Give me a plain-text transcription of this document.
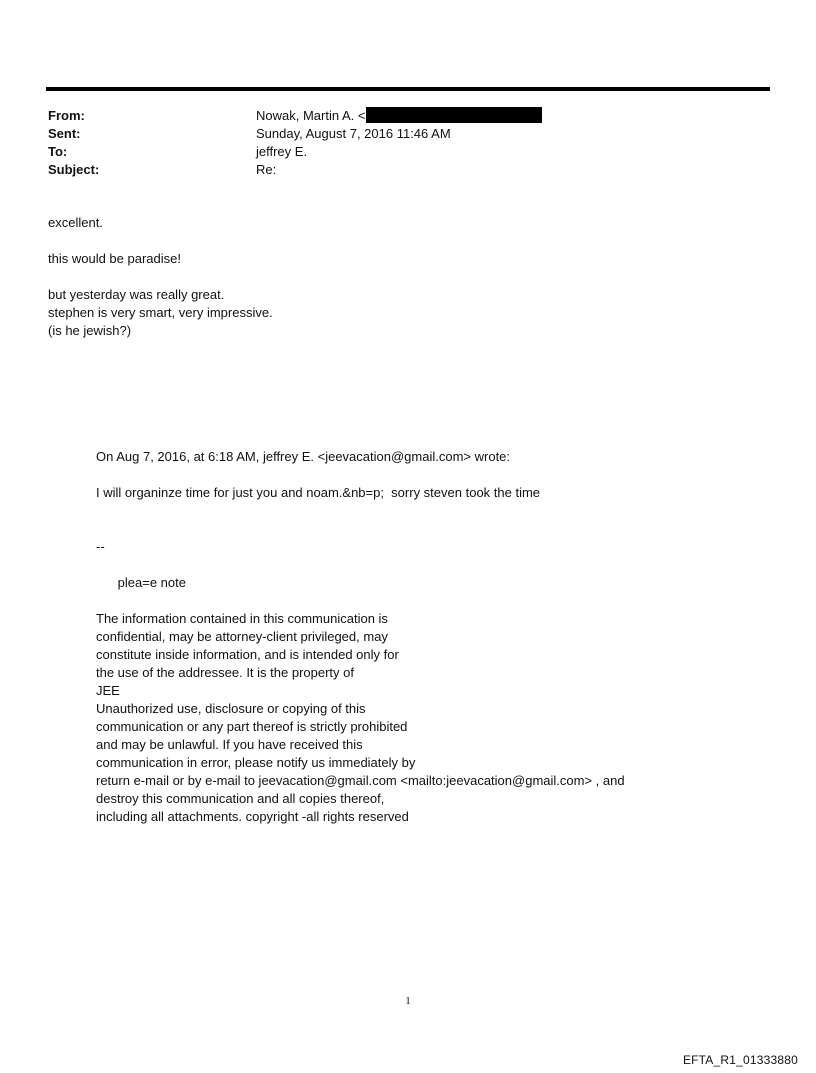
From:	Nowak, Martin A. <
Sent:	Sunday, August 7, 2016 11:46 AM
To:	jeffrey E.
Subject:	Re:

excellent.

this would be paradise!

but yesterday was really great.

stephen is very smart, very impressive.

(is he jewish?)

On Aug 7, 2016, at 6:18 AM, jeffrey E. <jeevacation@gmail.com> wrote:

I will organinze time for just you and noam.&nb=p;  sorry steven took the time

--

plea=e note

The information contained in this communication is

confidential, may be attorney-client privileged, may

constitute inside information, and is intended only for

the use of the addressee. It is the property of

JEE

Unauthorized use, disclosure or copying of this

communication or any part thereof is strictly prohibited

and may be unlawful. If you have received this

communication in error, please notify us immediately by

return e-mail or by e-mail to jeevacation@gmail.com <mailto:jeevacation@gmail.com> , and

destroy this communication and all copies thereof,

including all attachments. copyright -all rights reserved

1
EFTA_R1_01333880
